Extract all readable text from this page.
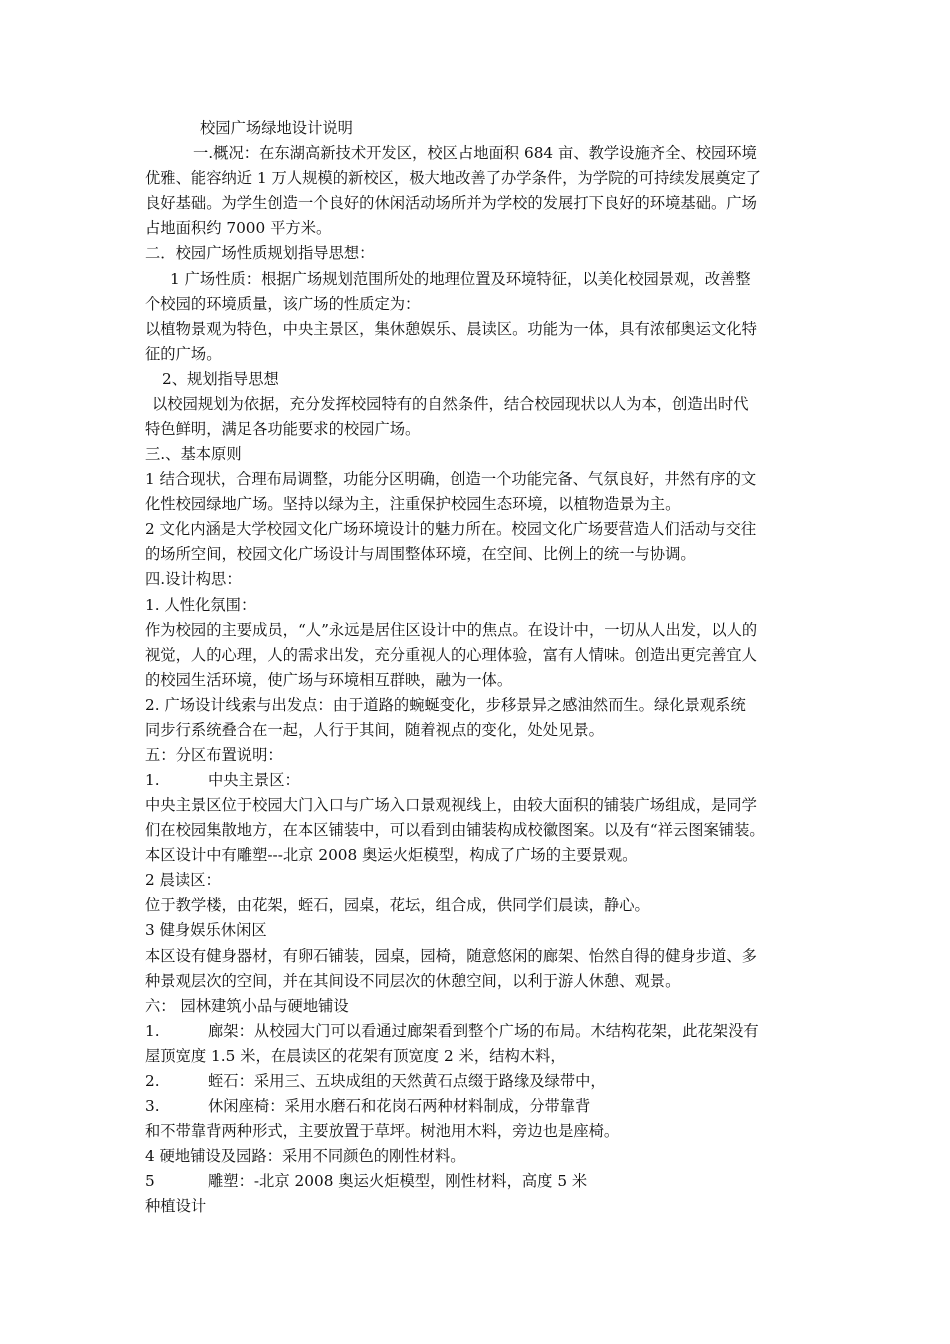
校园广场绿地设计说明
一.概况：在东湖高新技术开发区，校区占地面积 684 亩、教学设施齐全、校园环境
优雅、能容纳近 1 万人规模的新校区，极大地改善了办学条件，为学院的可持续发展奠定了
良好基础。为学生创造一个良好的休闲活动场所并为学校的发展打下良好的环境基础。广场
占地面积约 7000 平方米。
二．校园广场性质规划指导思想：
1 广场性质：根据广场规划范围所处的地理位置及环境特征，以美化校园景观，改善整
个校园的环境质量，该广场的性质定为：
以植物景观为特色，中央主景区，集休憩娱乐、晨读区。功能为一体，具有浓郁奥运文化特
征的广场。
2、规划指导思想
以校园规划为依据，充分发挥校园特有的自然条件，结合校园现状以人为本，创造出时代
特色鲜明，满足各功能要求的校园广场。
三.、基本原则
1 结合现状，合理布局调整，功能分区明确，创造一个功能完备、气氛良好，井然有序的文
化性校园绿地广场。坚持以绿为主，注重保护校园生态环境，以植物造景为主。
2 文化内涵是大学校园文化广场环境设计的魅力所在。校园文化广场要营造人们活动与交往
的场所空间，校园文化广场设计与周围整体环境，在空间、比例上的统一与协调。
四.设计构思：
1. 人性化氛围：
作为校园的主要成员，“人”永远是居住区设计中的焦点。在设计中，一切从人出发，以人的
视觉，人的心理，人的需求出发，充分重视人的心理体验，富有人情味。创造出更完善宜人
的校园生活环境，使广场与环境相互群映，融为一体。
2. 广场设计线索与出发点：由于道路的蜿蜒变化，步移景异之感油然而生。绿化景观系统
同步行系统叠合在一起，人行于其间，随着视点的变化，处处见景。
五：分区布置说明：
1.	中央主景区：
中央主景区位于校园大门入口与广场入口景观视线上，由较大面积的铺装广场组成，是同学
们在校园集散地方，在本区铺装中，可以看到由铺装构成校徽图案。以及有“祥云图案铺装。
本区设计中有雕塑---北京 2008 奥运火炬模型，构成了广场的主要景观。
2 晨读区：
位于教学楼，由花架，蛭石，园桌，花坛，组合成，供同学们晨读，静心。
3 健身娱乐休闲区
本区设有健身器材，有卵石铺装，园桌，园椅，随意悠闲的廊架、怡然自得的健身步道、多
种景观层次的空间，并在其间设不同层次的休憩空间，以利于游人休憩、观景。
六： 园林建筑小品与硬地铺设
1.	廊架：从校园大门可以看通过廊架看到整个广场的布局。木结构花架，此花架没有
屋顶宽度 1.5 米，在晨读区的花架有顶宽度 2 米，结构木料，
2.	蛭石：采用三、五块成组的天然黄石点缀于路缘及绿带中，
3.	休闲座椅：采用水磨石和花岗石两种材料制成，分带靠背
和不带靠背两种形式，主要放置于草坪。树池用木料，旁边也是座椅。
4 硬地铺设及园路：采用不同颜色的刚性材料。
5	雕塑：-北京 2008 奥运火炬模型，刚性材料，高度 5 米
种植设计
